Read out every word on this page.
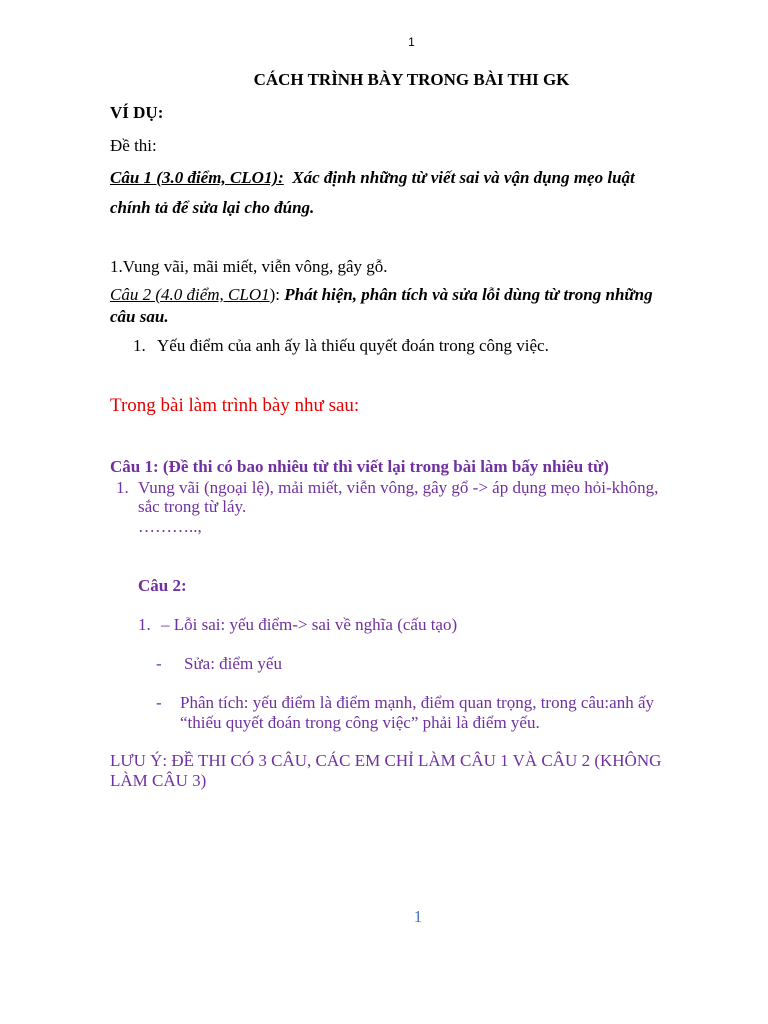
1
CÁCH TRÌNH BÀY TRONG BÀI THI GK
VÍ DỤ:
Đề thi:
Câu 1 (3.0 điểm, CLO1): Xác định những từ viết sai và vận dụng mẹo luật
chính tả để sửa lại cho đúng.
1.Vung vãi, mãi miết, viễn vông, gây gỗ.
Câu 2 (4.0 điểm, CLO1): Phát hiện, phân tích và sửa lỗi dùng từ trong những
câu sau.
1. Yếu điểm của anh ấy là thiếu quyết đoán trong công việc.
Trong bài làm trình bày như sau:
Câu 1: (Đề thi có bao nhiêu từ thì viết lại trong bài làm bấy nhiêu từ)
1. Vung vãi (ngoại lệ), mải miết, viễn vông, gây gổ -> áp dụng mẹo hỏi-không,
sắc trong từ láy.
………..,
Câu 2:
1. – Lỗi sai: yếu điểm-> sai về nghĩa (cấu tạo)
- Sửa: điểm yếu
- Phân tích: yếu điểm là điểm mạnh, điểm quan trọng, trong câu:anh ấy
“thiếu quyết đoán trong công việc” phải là điểm yếu.
LƯU Ý: ĐỀ THI CÓ 3 CÂU, CÁC EM CHỈ LÀM CÂU 1 VÀ CÂU 2 (KHÔNG
LÀM CÂU 3)
1
